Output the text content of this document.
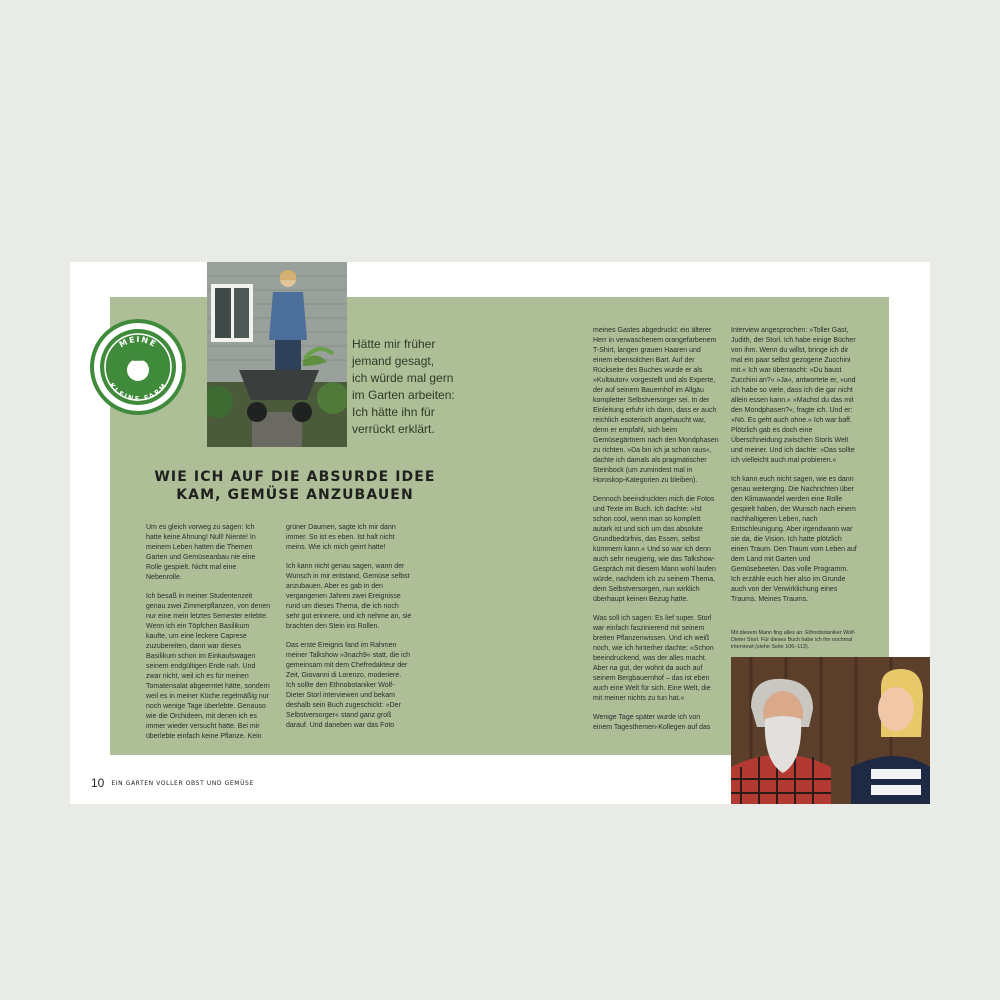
MEINE
KLEINE FARM
Hätte mir früher
jemand gesagt,
ich würde mal gern
im Garten arbeiten:
Ich hätte ihn für
verrückt erklärt.
WIE ICH AUF DIE ABSURDE IDEE
KAM, GEMÜSE ANZUBAUEN

Um es gleich vorweg zu sagen: Ich hatte keine Ahnung! Null! Niente! In meinem Leben hatten die Themen Garten und Gemüseanbau nie eine Rolle gespielt. Nicht mal eine Nebenrolle.

Ich besaß in meiner Studentenzeit genau zwei Zimmerpflanzen, von denen nur eine mein letztes Semester erlebte. Wenn ich ein Töpfchen Basilikum kaufte, um eine leckere Caprese zuzubereiten, dann war dieses Basilikum schon im Einkaufswagen seinem endgültigen Ende nah. Und zwar nicht, weil ich es für meinen Tomatensalat abgeerntet hätte, sondern weil es in meiner Küche regelmäßig nur noch wenige Tage überlebte. Genauso wie die Orchideen, mit denen ich es immer wieder versucht hatte. Bei mir überlebte einfach keine Pflanze. Kein

grüner Daumen, sagte ich mir dann immer. So ist es eben. Ist halt nicht meins. Wie ich mich geirrt hatte!

Ich kann nicht genau sagen, wann der Wunsch in mir entstand, Gemüse selbst anzubauen. Aber es gab in den vergangenen Jahren zwei Ereignisse rund um dieses Thema, die ich noch sehr gut erinnere, und ich nehme an, sie brachten den Stein ins Rollen.

Das erste Ereignis fand im Rahmen meiner Talkshow »3nach9« statt, die ich gemeinsam mit dem Chefredakteur der Zeit, Giovanni di Lorenzo, moderiere. Ich sollte den Ethnobotaniker Wolf-Dieter Storl interviewen und bekam deshalb sein Buch zugeschickt: »Der Selbstversorger« stand ganz groß darauf. Und daneben war das Foto

meines Gastes abgedruckt: ein älterer Herr in verwaschenem orangefarbenem T-Shirt, langen grauen Haaren und einem ebensolchen Bart. Auf der Rückseite des Buches wurde er als »Kultautor« vorgestellt und als Experte, der auf seinem Bauernhof im Allgäu kompletter Selbstversorger sei. In der Einleitung erfuhr ich dann, dass er auch reichlich esoterisch angehaucht war, denn er empfahl, sich beim Gemüsegärtnern nach den Mondphasen zu richten. »Da bin ich ja schon raus«, dachte ich damals als pragmatischer Steinbock (um zumindest mal in Horoskop-Kategorien zu bleiben).

Dennoch beeindruckten mich die Fotos und Texte im Buch. Ich dachte: »Ist schon cool, wenn man so komplett autark ist und sich um das absolute Grundbedürfnis, das Essen, selbst kümmern kann.« Und so war ich denn auch sehr neugierig, wie das Talkshow-Gespräch mit diesem Mann wohl laufen würde, nachdem ich zu seinem Thema, dem Selbstversorgen, nun wirklich überhaupt keinen Bezug hatte.

Was soll ich sagen: Es lief super. Storl war einfach faszinierend mit seinem breiten Pflanzenwissen. Und ich weiß noch, wie ich hinterher dachte: »Schon beeindruckend, was der alles macht. Aber na gut, der wohnt da auch auf seinem Bergbauernhof – das ist eben auch eine Welt für sich. Eine Welt, die mit meiner nichts zu tun hat.«

Wenige Tage später wurde ich von einem Tagesthemen-Kollegen auf das

Interview angesprochen: »Toller Gast, Judith, der Storl. Ich habe einige Bücher von ihm. Wenn du willst, bringe ich dir mal ein paar selbst gezogene Zucchini mit.« Ich war überrascht: »Du baust Zucchini an?« »Ja«, antwortete er, »und ich habe so viele, dass ich die gar nicht allein essen kann.« »Machst du das mit den Mondphasen?«, fragte ich. Und er: »Nö. Es geht auch ohne.« Ich war baff. Plötzlich gab es doch eine Überschneidung zwischen Storls Welt und meiner. Und ich dachte: »Das sollte ich vielleicht auch mal probieren.«

Ich kann euch nicht sagen, wie es dann genau weiterging. Die Nachrichten über den Klimawandel werden eine Rolle gespielt haben, der Wunsch nach einem nachhaltigeren Leben, nach Entschleunigung. Aber irgendwann war sie da, die Vision. Ich hatte plötzlich einen Traum. Den Traum vom Leben auf dem Land mit Garten und Gemüsebeeten. Das volle Programm. Ich erzähle euch hier also im Grunde auch von der Verwirklichung eines Traums. Meines Traums.

Mit diesem Mann fing alles an: Ethnobotaniker Wolf-Dieter Storl. Für dieses Buch habe ich ihn nochmal interviewt (siehe Seite 106–113).
10 EIN GARTEN VOLLER OBST UND GEMÜSE
